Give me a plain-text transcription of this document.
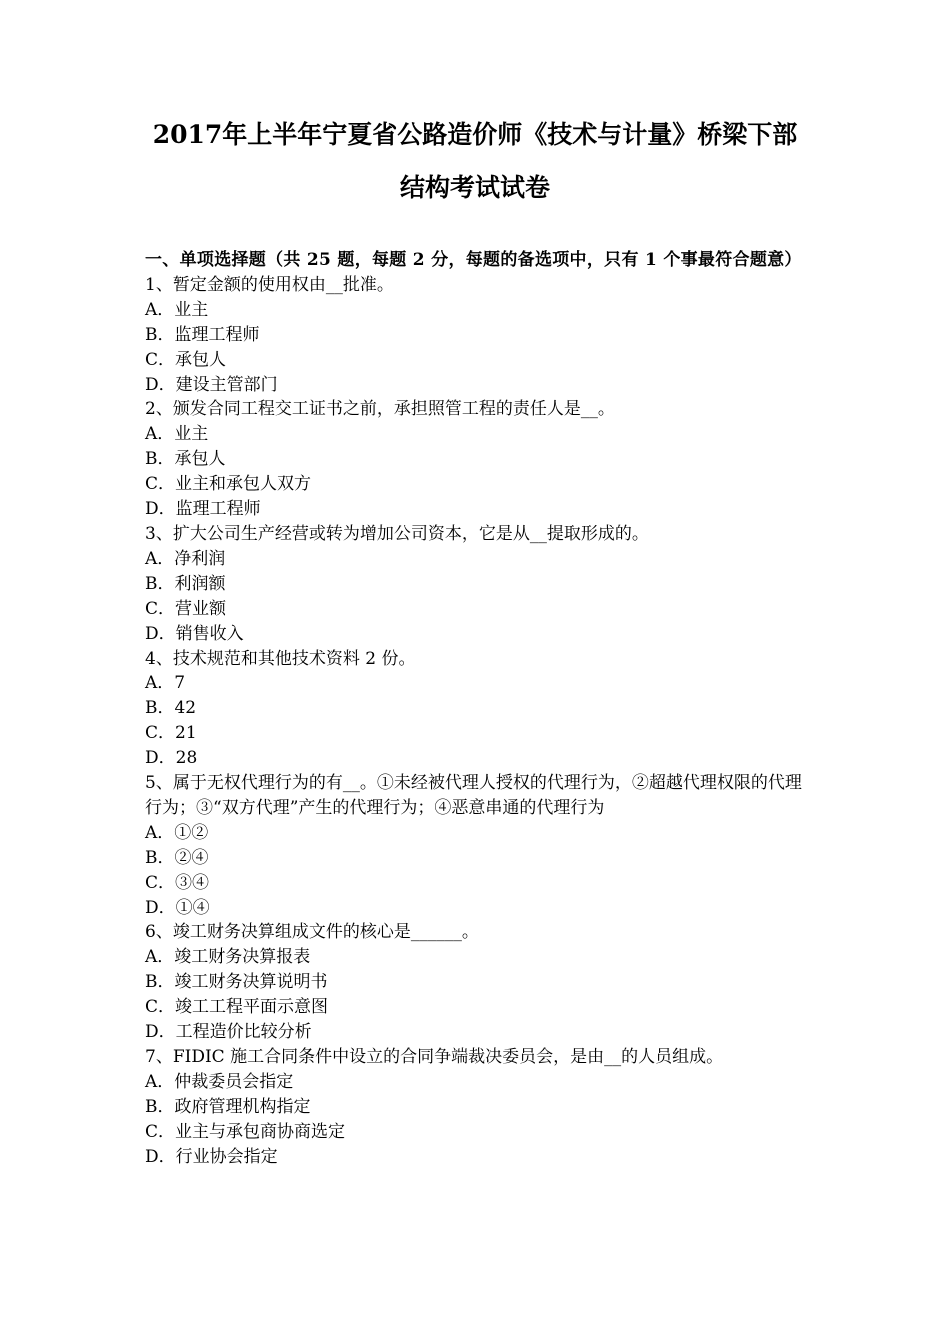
2017年上半年宁夏省公路造价师《技术与计量》桥梁下部
结构考试试卷
一、单项选择题（共 25 题，每题 2 分，每题的备选项中，只有 1 个事最符合题意）
1、暂定金额的使用权由__批准。
A．业主
B．监理工程师
C．承包人
D．建设主管部门
2、颁发合同工程交工证书之前，承担照管工程的责任人是__。
A．业主
B．承包人
C．业主和承包人双方
D．监理工程师
3、扩大公司生产经营或转为增加公司资本，它是从__提取形成的。
A．净利润
B．利润额
C．营业额
D．销售收入
4、技术规范和其他技术资料 2 份。
A．7
B．42
C．21
D．28
5、属于无权代理行为的有__。①未经被代理人授权的代理行为，②超越代理权限的代理行为；③“双方代理”产生的代理行为；④恶意串通的代理行为
A．①②
B．②④
C．③④
D．①④
6、竣工财务决算组成文件的核心是______。
A．竣工财务决算报表
B．竣工财务决算说明书
C．竣工工程平面示意图
D．工程造价比较分析
7、FIDIC 施工合同条件中设立的合同争端裁决委员会，是由__的人员组成。
A．仲裁委员会指定
B．政府管理机构指定
C．业主与承包商协商选定
D．行业协会指定
